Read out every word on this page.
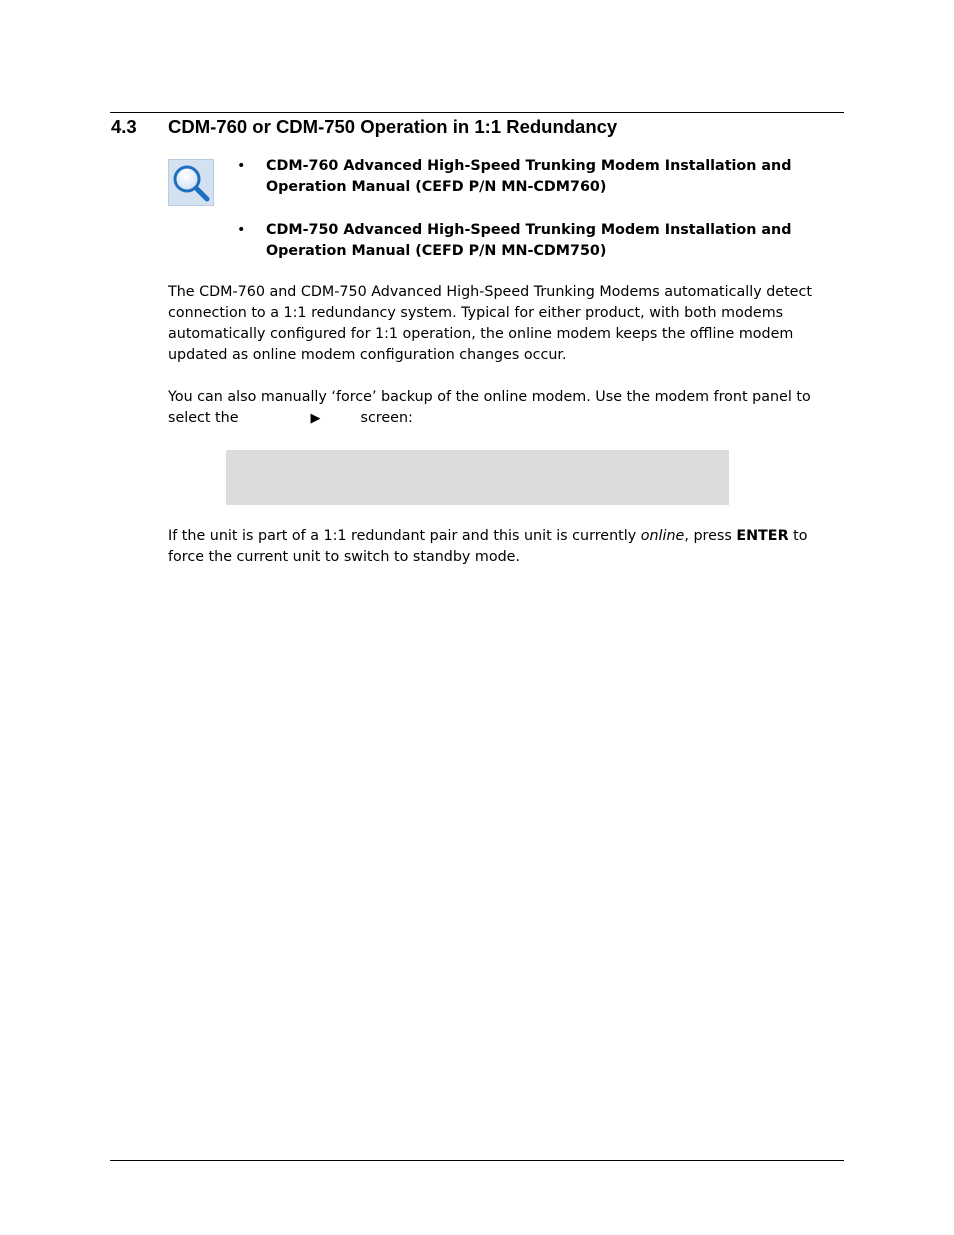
4.3 CDM-760 or CDM-750 Operation in 1:1 Redundancy
• CDM-760 Advanced High-Speed Trunking Modem Installation and Operation Manual (CEFD P/N MN-CDM760)
• CDM-750 Advanced High-Speed Trunking Modem Installation and Operation Manual (CEFD P/N MN-CDM750)

The CDM-760 and CDM-750 Advanced High-Speed Trunking Modems automatically detect connection to a 1:1 redundancy system. Typical for either product, with both modems automatically configured for 1:1 operation, the online modem keeps the offline modem updated as online modem configuration changes occur.

You can also manually ‘force’ backup of the online modem. Use the modem front panel to
select the	▶	screen:

If the unit is part of a 1:1 redundant pair and this unit is currently online, press ENTER to force the current unit to switch to standby mode.
